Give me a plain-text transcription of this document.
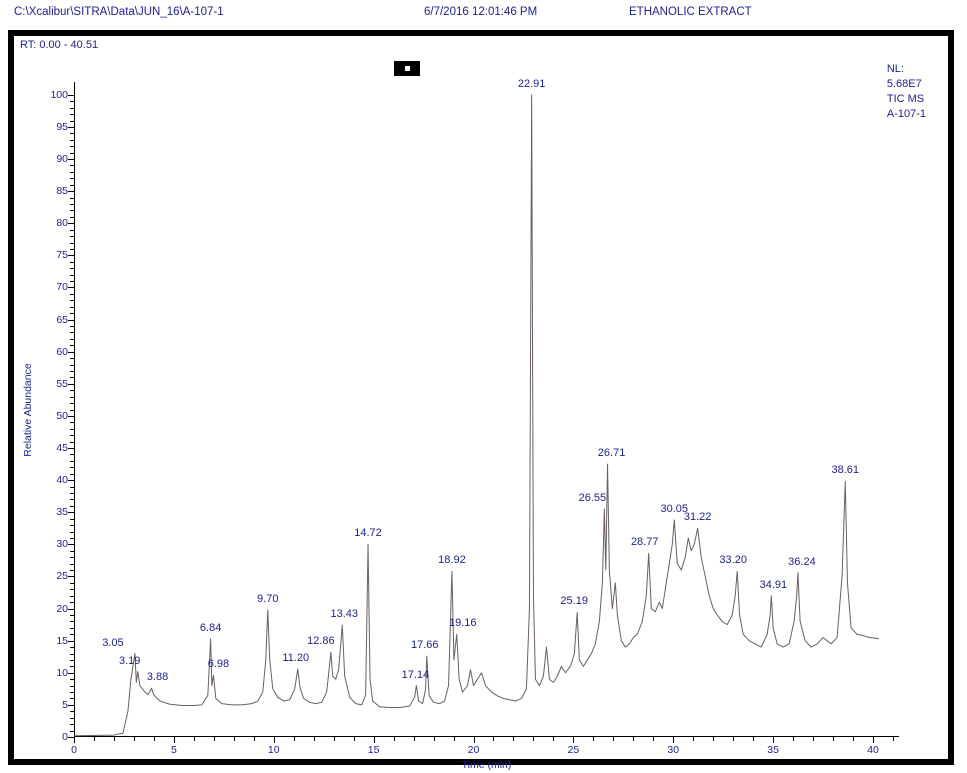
C:\Xcalibur\SITRA\Data\JUN_16\A-107-1	6/7/2016 12:01:46 PM	ETHANOLIC EXTRACT
RT: 0.00 - 40.51
NL:
5.68E7
TIC MS
A-107-1
Relative Abundance
Time (min)
0
5
10
15
20
25
30
35
40
45
50
55
60
65
70
75
80
85
90
95
100
0	5	10	15	20	25	30	35	40
3.05
3.19
3.88
6.84
6.98
9.70
11.20
12.86
13.43
14.72
17.14
17.66
18.92
19.16
22.91
25.19
26.55
26.71
28.77
30.05
31.22
33.20
34.91
36.24
38.61
